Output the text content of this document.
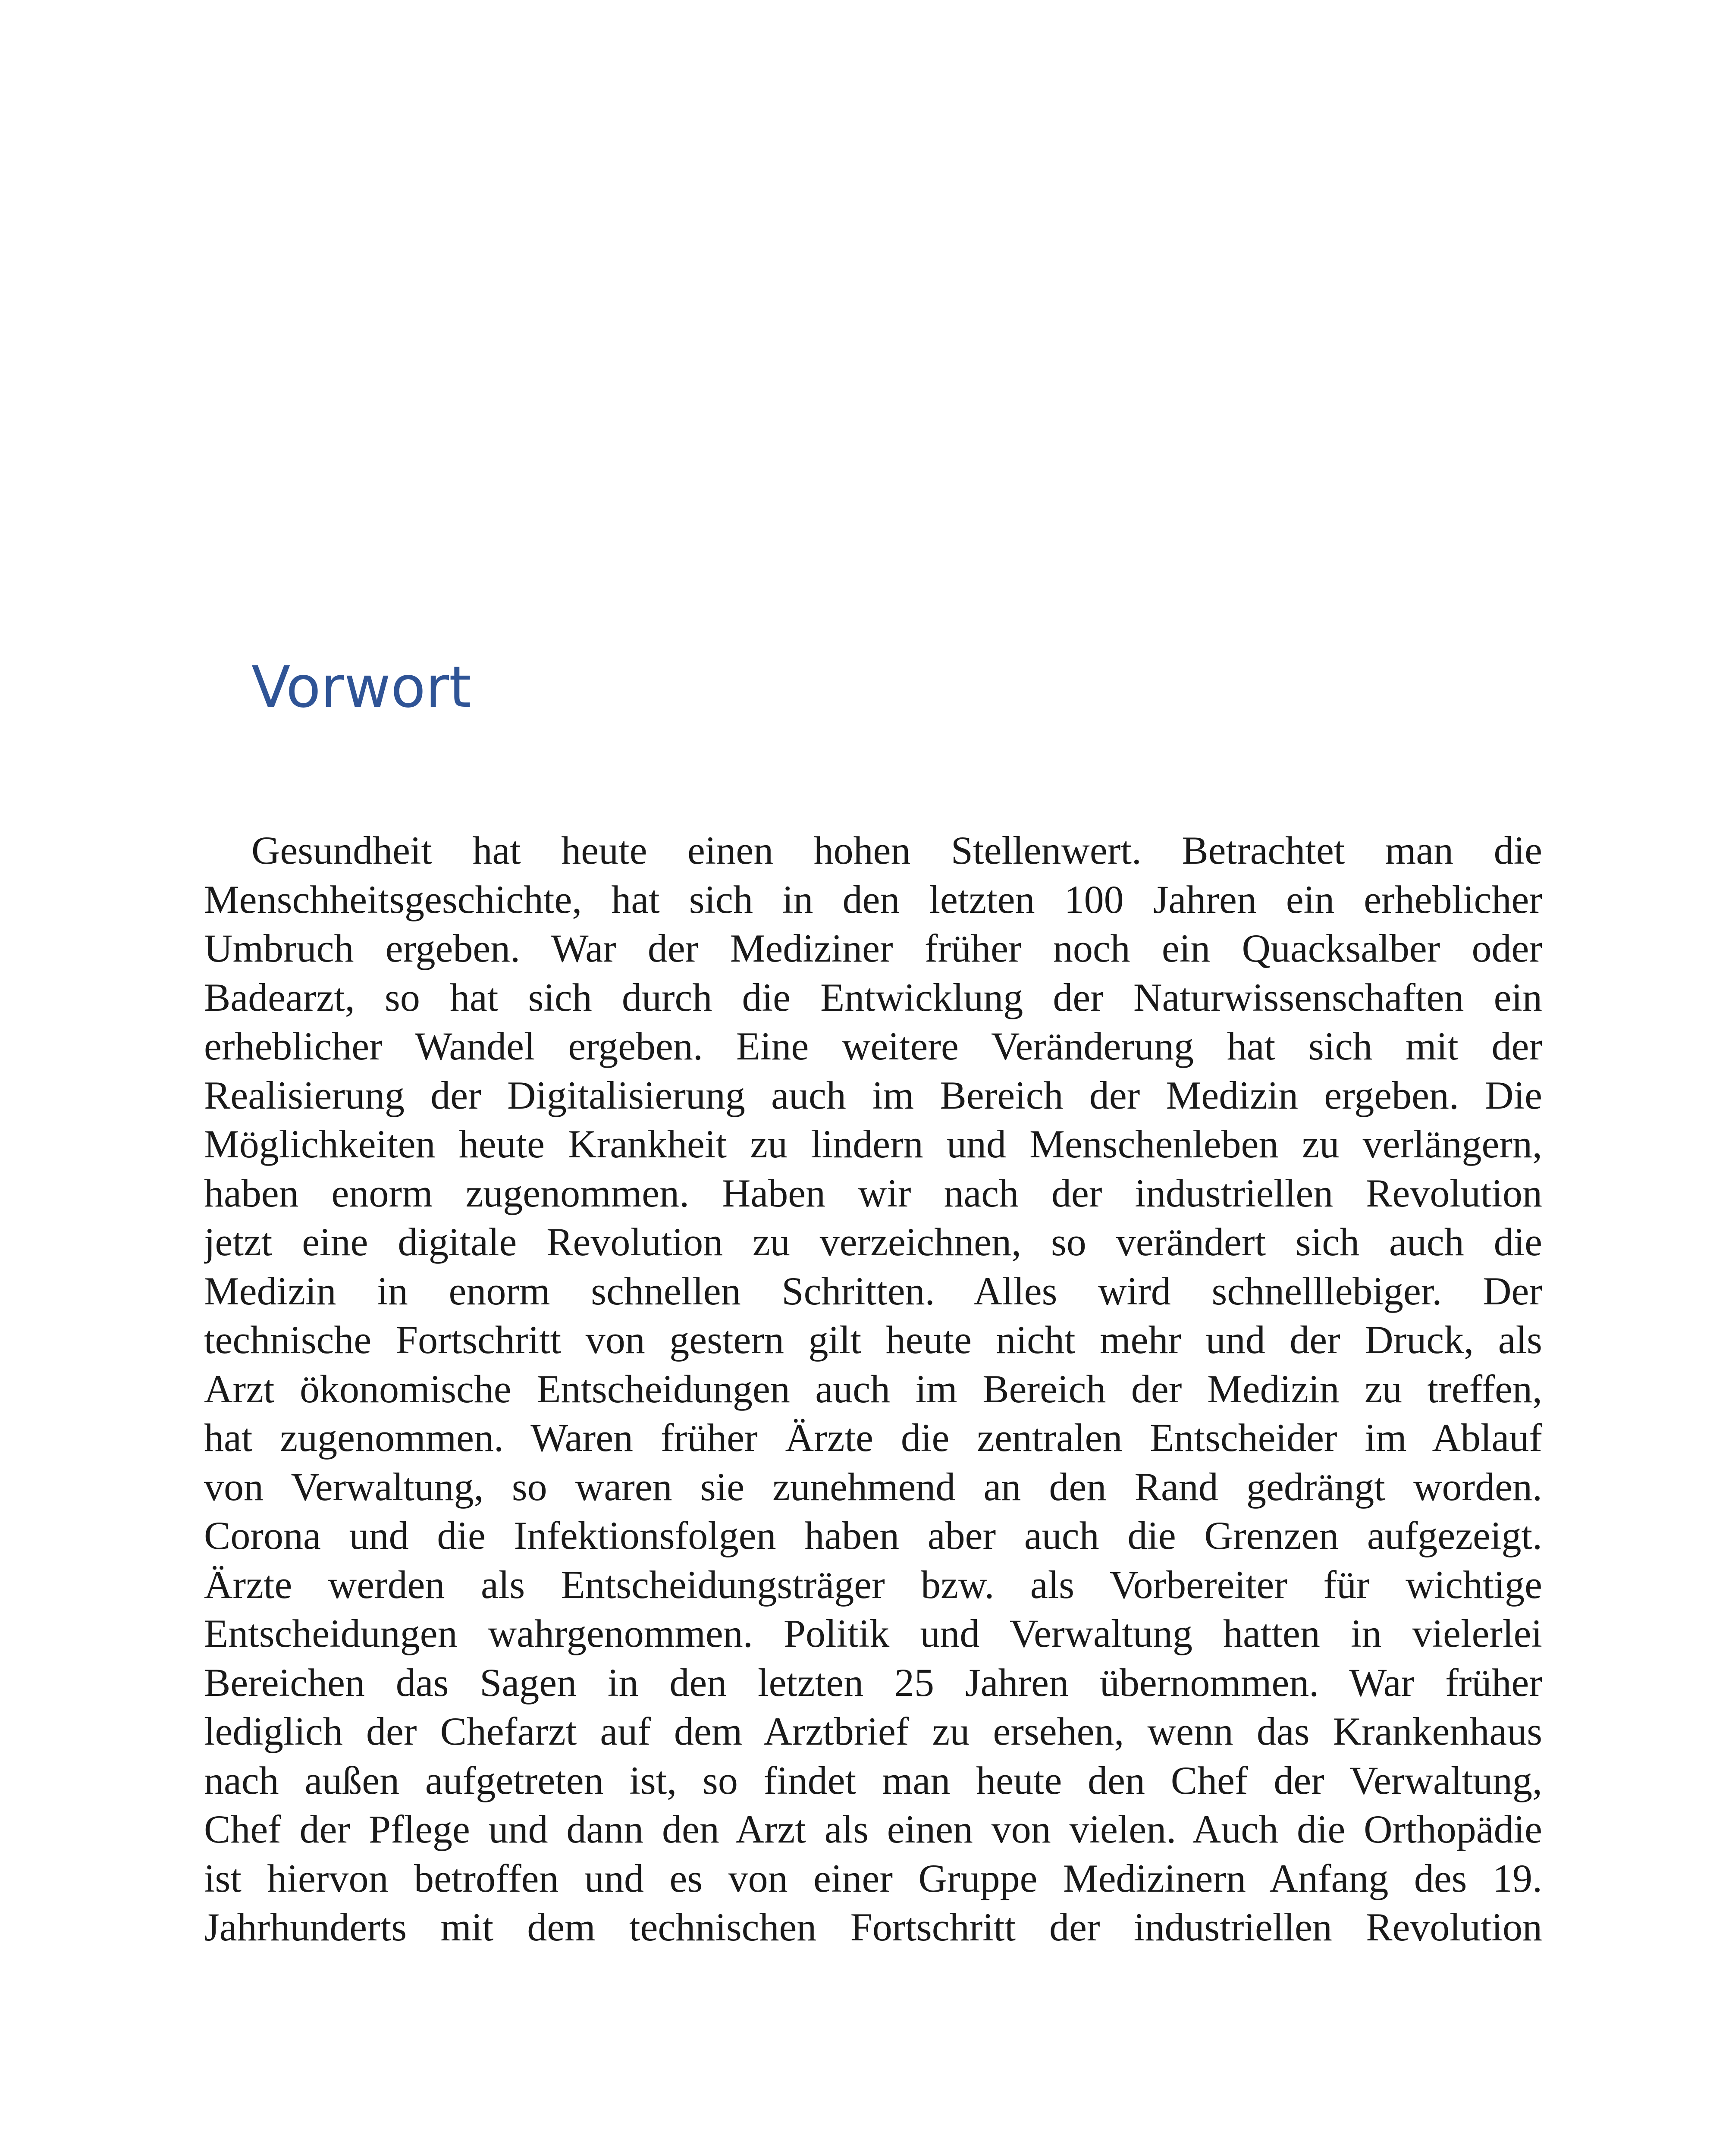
Vorwort
Gesundheit hat heute einen hohen Stellenwert. Betrachtet man die
Menschheitsgeschichte, hat sich in den letzten 100 Jahren ein erheblicher
Umbruch ergeben. War der Mediziner früher noch ein Quacksalber oder
Badearzt, so hat sich durch die Entwicklung der Naturwissenschaften ein
erheblicher Wandel ergeben. Eine weitere Veränderung hat sich mit der
Realisierung der Digitalisierung auch im Bereich der Medizin ergeben. Die
Möglichkeiten heute Krankheit zu lindern und Menschenleben zu verlängern,
haben enorm zugenommen. Haben wir nach der industriellen Revolution
jetzt eine digitale Revolution zu verzeichnen, so verändert sich auch die
Medizin in enorm schnellen Schritten. Alles wird schnelllebiger. Der
technische Fortschritt von gestern gilt heute nicht mehr und der Druck, als
Arzt ökonomische Entscheidungen auch im Bereich der Medizin zu treffen,
hat zugenommen. Waren früher Ärzte die zentralen Entscheider im Ablauf
von Verwaltung, so waren sie zunehmend an den Rand gedrängt worden.
Corona und die Infektionsfolgen haben aber auch die Grenzen aufgezeigt.
Ärzte werden als Entscheidungsträger bzw. als Vorbereiter für wichtige
Entscheidungen wahrgenommen. Politik und Verwaltung hatten in vielerlei
Bereichen das Sagen in den letzten 25 Jahren übernommen. War früher
lediglich der Chefarzt auf dem Arztbrief zu ersehen, wenn das Krankenhaus
nach außen aufgetreten ist, so findet man heute den Chef der Verwaltung,
Chef der Pflege und dann den Arzt als einen von vielen. Auch die Orthopädie
ist hiervon betroffen und es von einer Gruppe Medizinern Anfang des 19.
Jahrhunderts mit dem technischen Fortschritt der industriellen Revolution
